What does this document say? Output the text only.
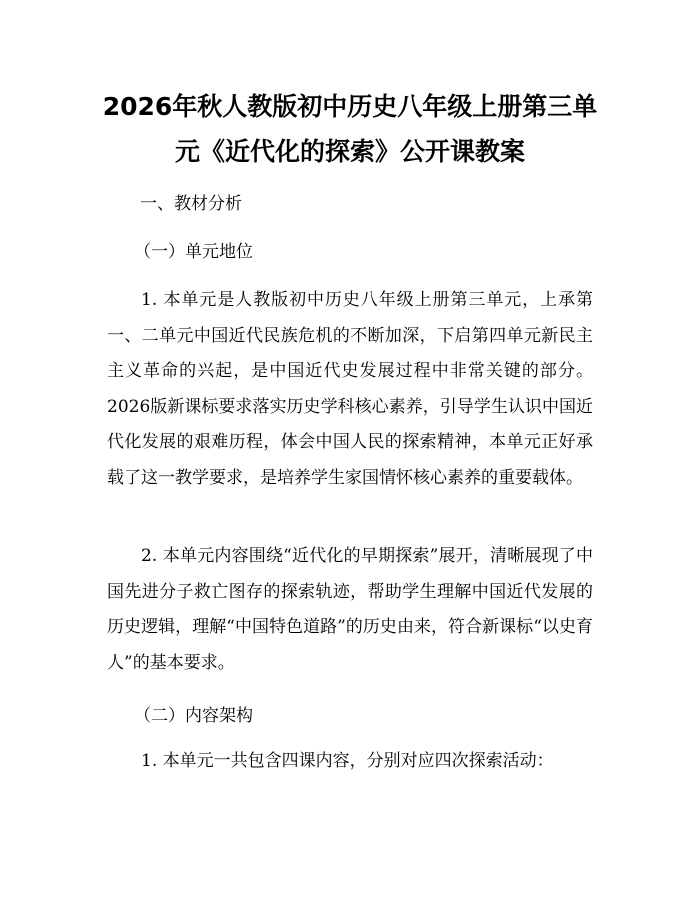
2026年秋人教版初中历史八年级上册第三单
元《近代化的探索》公开课教案

一、教材分析

（一）单元地位

1. 本单元是人教版初中历史八年级上册第三单元，上承第一、二单元中国近代民族危机的不断加深，下启第四单元新民主主义革命的兴起，是中国近代史发展过程中非常关键的部分。2026版新课标要求落实历史学科核心素养，引导学生认识中国近代化发展的艰难历程，体会中国人民的探索精神，本单元正好承载了这一教学要求，是培养学生家国情怀核心素养的重要载体。

2. 本单元内容围绕“近代化的早期探索”展开，清晰展现了中国先进分子救亡图存的探索轨迹，帮助学生理解中国近代发展的历史逻辑，理解“中国特色道路”的历史由来，符合新课标“以史育人”的基本要求。

（二）内容架构

1. 本单元一共包含四课内容，分别对应四次探索活动：
